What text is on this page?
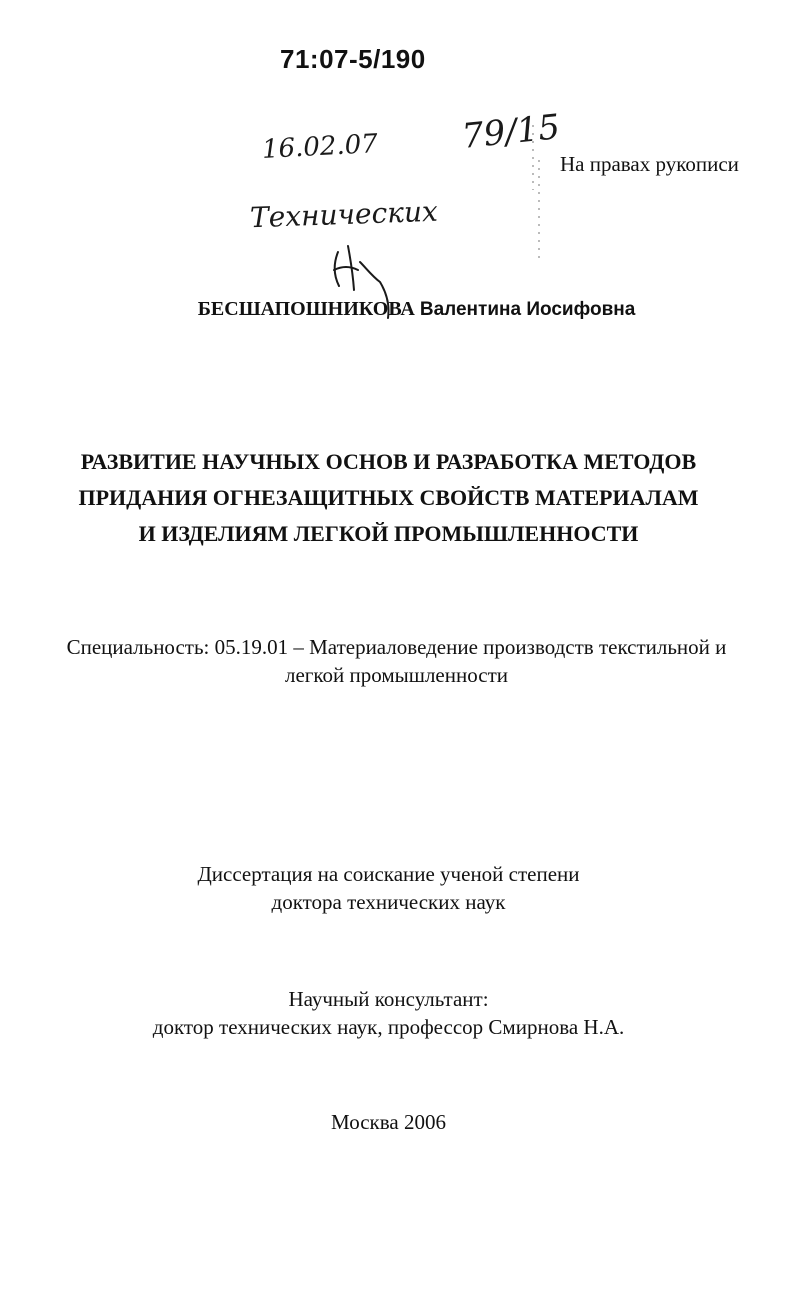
71:07-5/190
16.02.07 79/15
Технических
На правах рукописи
БЕСШАПОШНИКОВА Валентина Иосифовна
РАЗВИТИЕ НАУЧНЫХ ОСНОВ И РАЗРАБОТКА МЕТОДОВ
ПРИДАНИЯ ОГНЕЗАЩИТНЫХ СВОЙСТВ МАТЕРИАЛАМ
И ИЗДЕЛИЯМ ЛЕГКОЙ ПРОМЫШЛЕННОСТИ
Специальность: 05.19.01 – Материаловедение производств текстильной и
легкой промышленности
Диссертация на соискание ученой степени
доктора технических наук
Научный консультант:
доктор технических наук, профессор Смирнова Н.А.
Москва 2006
